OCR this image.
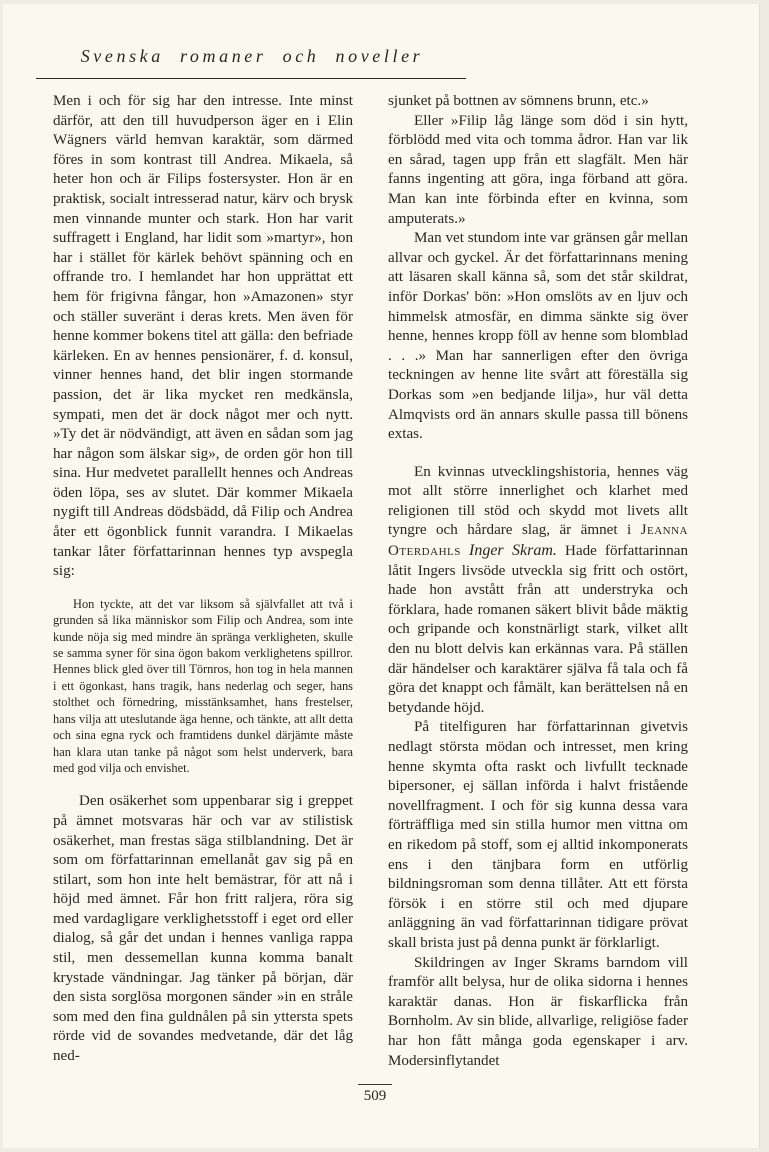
Svenska romaner och noveller

Men i och för sig har den intresse. Inte minst därför, att den till huvudperson äger en i Elin Wägners värld hemvan karaktär, som därmed föres in som kontrast till Andrea. Mikaela, så heter hon och är Filips fostersyster. Hon är en praktisk, socialt intresserad natur, kärv och brysk men vinnande munter och stark. Hon har varit suffragett i England, har lidit som »martyr», hon har i stället för kärlek behövt spänning och en offrande tro. I hemlandet har hon upprättat ett hem för frigivna fångar, hon »Amazonen» styr och ställer suveränt i deras krets. Men även för henne kommer bokens titel att gälla: den befriade kärleken. En av hennes pensionärer, f. d. konsul, vinner hennes hand, det blir ingen stormande passion, det är lika mycket ren medkänsla, sympati, men det är dock något mer och nytt. »Ty det är nödvändigt, att även en sådan som jag har någon som älskar sig», de orden gör hon till sina. Hur medvetet parallellt hennes och Andreas öden löpa, ses av slutet. Där kommer Mikaela nygift till Andreas dödsbädd, då Filip och Andrea åter ett ögonblick funnit varandra. I Mikaelas tankar låter författarinnan hennes typ avspegla sig:

Hon tyckte, att det var liksom så självfallet att två i grunden så lika människor som Filip och Andrea, som inte kunde nöja sig med mindre än spränga verkligheten, skulle se samma syner för sina ögon bakom verklighetens spillror. Hennes blick gled över till Törnros, hon tog in hela mannen i ett ögonkast, hans tragik, hans nederlag och seger, hans stolthet och förnedring, misstänksamhet, hans frestelser, hans vilja att uteslutande äga henne, och tänkte, att allt detta och sina egna ryck och framtidens dunkel därjämte måste han klara utan tanke på något som helst underverk, bara med god vilja och envishet.

Den osäkerhet som uppenbarar sig i greppet på ämnet motsvaras här och var av stilistisk osäkerhet, man frestas säga stilblandning. Det är som om författarinnan emellanåt gav sig på en stilart, som hon inte helt bemästrar, för att nå i höjd med ämnet. Får hon fritt raljera, röra sig med vardagligare verklighetsstoff i eget ord eller dialog, så går det undan i hennes vanliga rappa stil, men dessemellan kunna komma banalt krystade vändningar. Jag tänker på början, där den sista sorglösa morgonen sänder »in en stråle som med den fina guldnålen på sin yttersta spets rörde vid de sovandes medvetande, där det låg ned-

sjunket på bottnen av sömnens brunn, etc.»

Eller »Filip låg länge som död i sin hytt, förblödd med vita och tomma ådror. Han var lik en sårad, tagen upp från ett slagfält. Men här fanns ingenting att göra, inga förband att göra. Man kan inte förbinda efter en kvinna, som amputerats.»

Man vet stundom inte var gränsen går mellan allvar och gyckel. Är det författarinnans mening att läsaren skall känna så, som det står skildrat, inför Dorkas' bön: »Hon omslöts av en ljuv och himmelsk atmosfär, en dimma sänkte sig över henne, hennes kropp föll av henne som blomblad . . .» Man har sannerligen efter den övriga teckningen av henne lite svårt att föreställa sig Dorkas som »en bedjande lilja», hur väl detta Almqvists ord än annars skulle passa till bönens extas.

En kvinnas utvecklingshistoria, hennes väg mot allt större innerlighet och klarhet med religionen till stöd och skydd mot livets allt tyngre och hårdare slag, är ämnet i Jeanna Oterdahls Inger Skram. Hade författarinnan låtit Ingers livsöde utveckla sig fritt och ostört, hade hon avstått från att understryka och förklara, hade romanen säkert blivit både mäktig och gripande och konstnärligt stark, vilket allt den nu blott delvis kan erkännas vara. På ställen där händelser och karaktärer själva få tala och få göra det knappt och fåmält, kan berättelsen nå en betydande höjd.

På titelfiguren har författarinnan givetvis nedlagt största mödan och intresset, men kring henne skymta ofta raskt och livfullt tecknade bipersoner, ej sällan införda i halvt fristående novellfragment. I och för sig kunna dessa vara förträffliga med sin stilla humor men vittna om en rikedom på stoff, som ej alltid inkomponerats ens i den tänjbara form en utförlig bildningsroman som denna tillåter. Att ett första försök i en större stil och med djupare anläggning än vad författarinnan tidigare prövat skall brista just på denna punkt är förklarligt.

Skildringen av Inger Skrams barndom vill framför allt belysa, hur de olika sidorna i hennes karaktär danas. Hon är fiskarflicka från Bornholm. Av sin blide, allvarlige, religiöse fader har hon fått många goda egenskaper i arv. Modersinflytandet

509
